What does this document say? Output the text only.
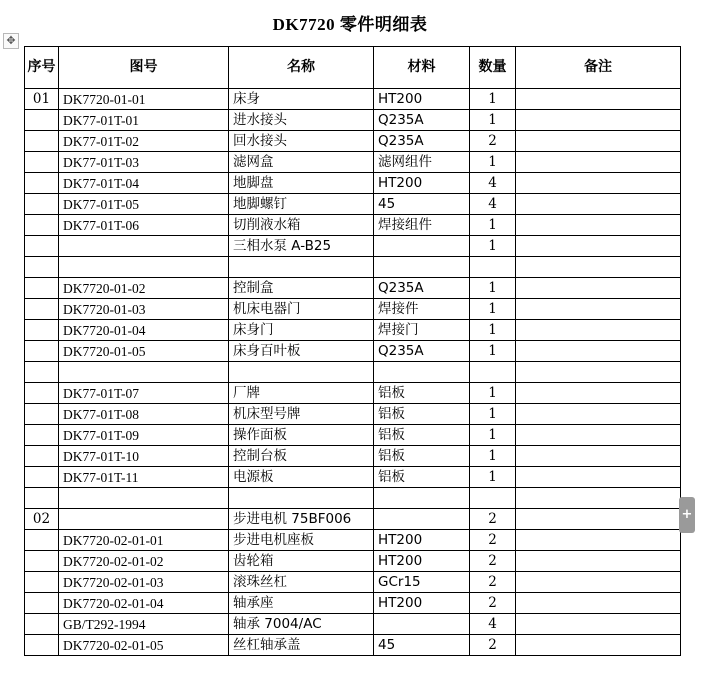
DK7720 零件明细表
✥
序号	图号	名称	材料	数量	备注
01	DK7720-01-01	床身	HT200	1	
	DK77-01T-01	进水接头	Q235A	1	
	DK77-01T-02	回水接头	Q235A	2	
	DK77-01T-03	滤网盒	滤网组件	1	
	DK77-01T-04	地脚盘	HT200	4	
	DK77-01T-05	地脚螺钉	45	4	
	DK77-01T-06	切削液水箱	焊接组件	1	
		三相水泵 A-B25		1	

	DK7720-01-02	控制盒	Q235A	1	
	DK7720-01-03	机床电器门	焊接件	1	
	DK7720-01-04	床身门	焊接门	1	
	DK7720-01-05	床身百叶板	Q235A	1	

	DK77-01T-07	厂牌	铝板	1	
	DK77-01T-08	机床型号牌	铝板	1	
	DK77-01T-09	操作面板	铝板	1	
	DK77-01T-10	控制台板	铝板	1	
	DK77-01T-11	电源板	铝板	1	

02		步进电机 75BF006		2	
	DK7720-02-01-01	步进电机座板	HT200	2	
	DK7720-02-01-02	齿轮箱	HT200	2	
	DK7720-02-01-03	滚珠丝杠	GCr15	2	
	DK7720-02-01-04	轴承座	HT200	2	
	GB/T292-1994	轴承 7004/AC		4	
	DK7720-02-01-05	丝杠轴承盖	45	2	
+
